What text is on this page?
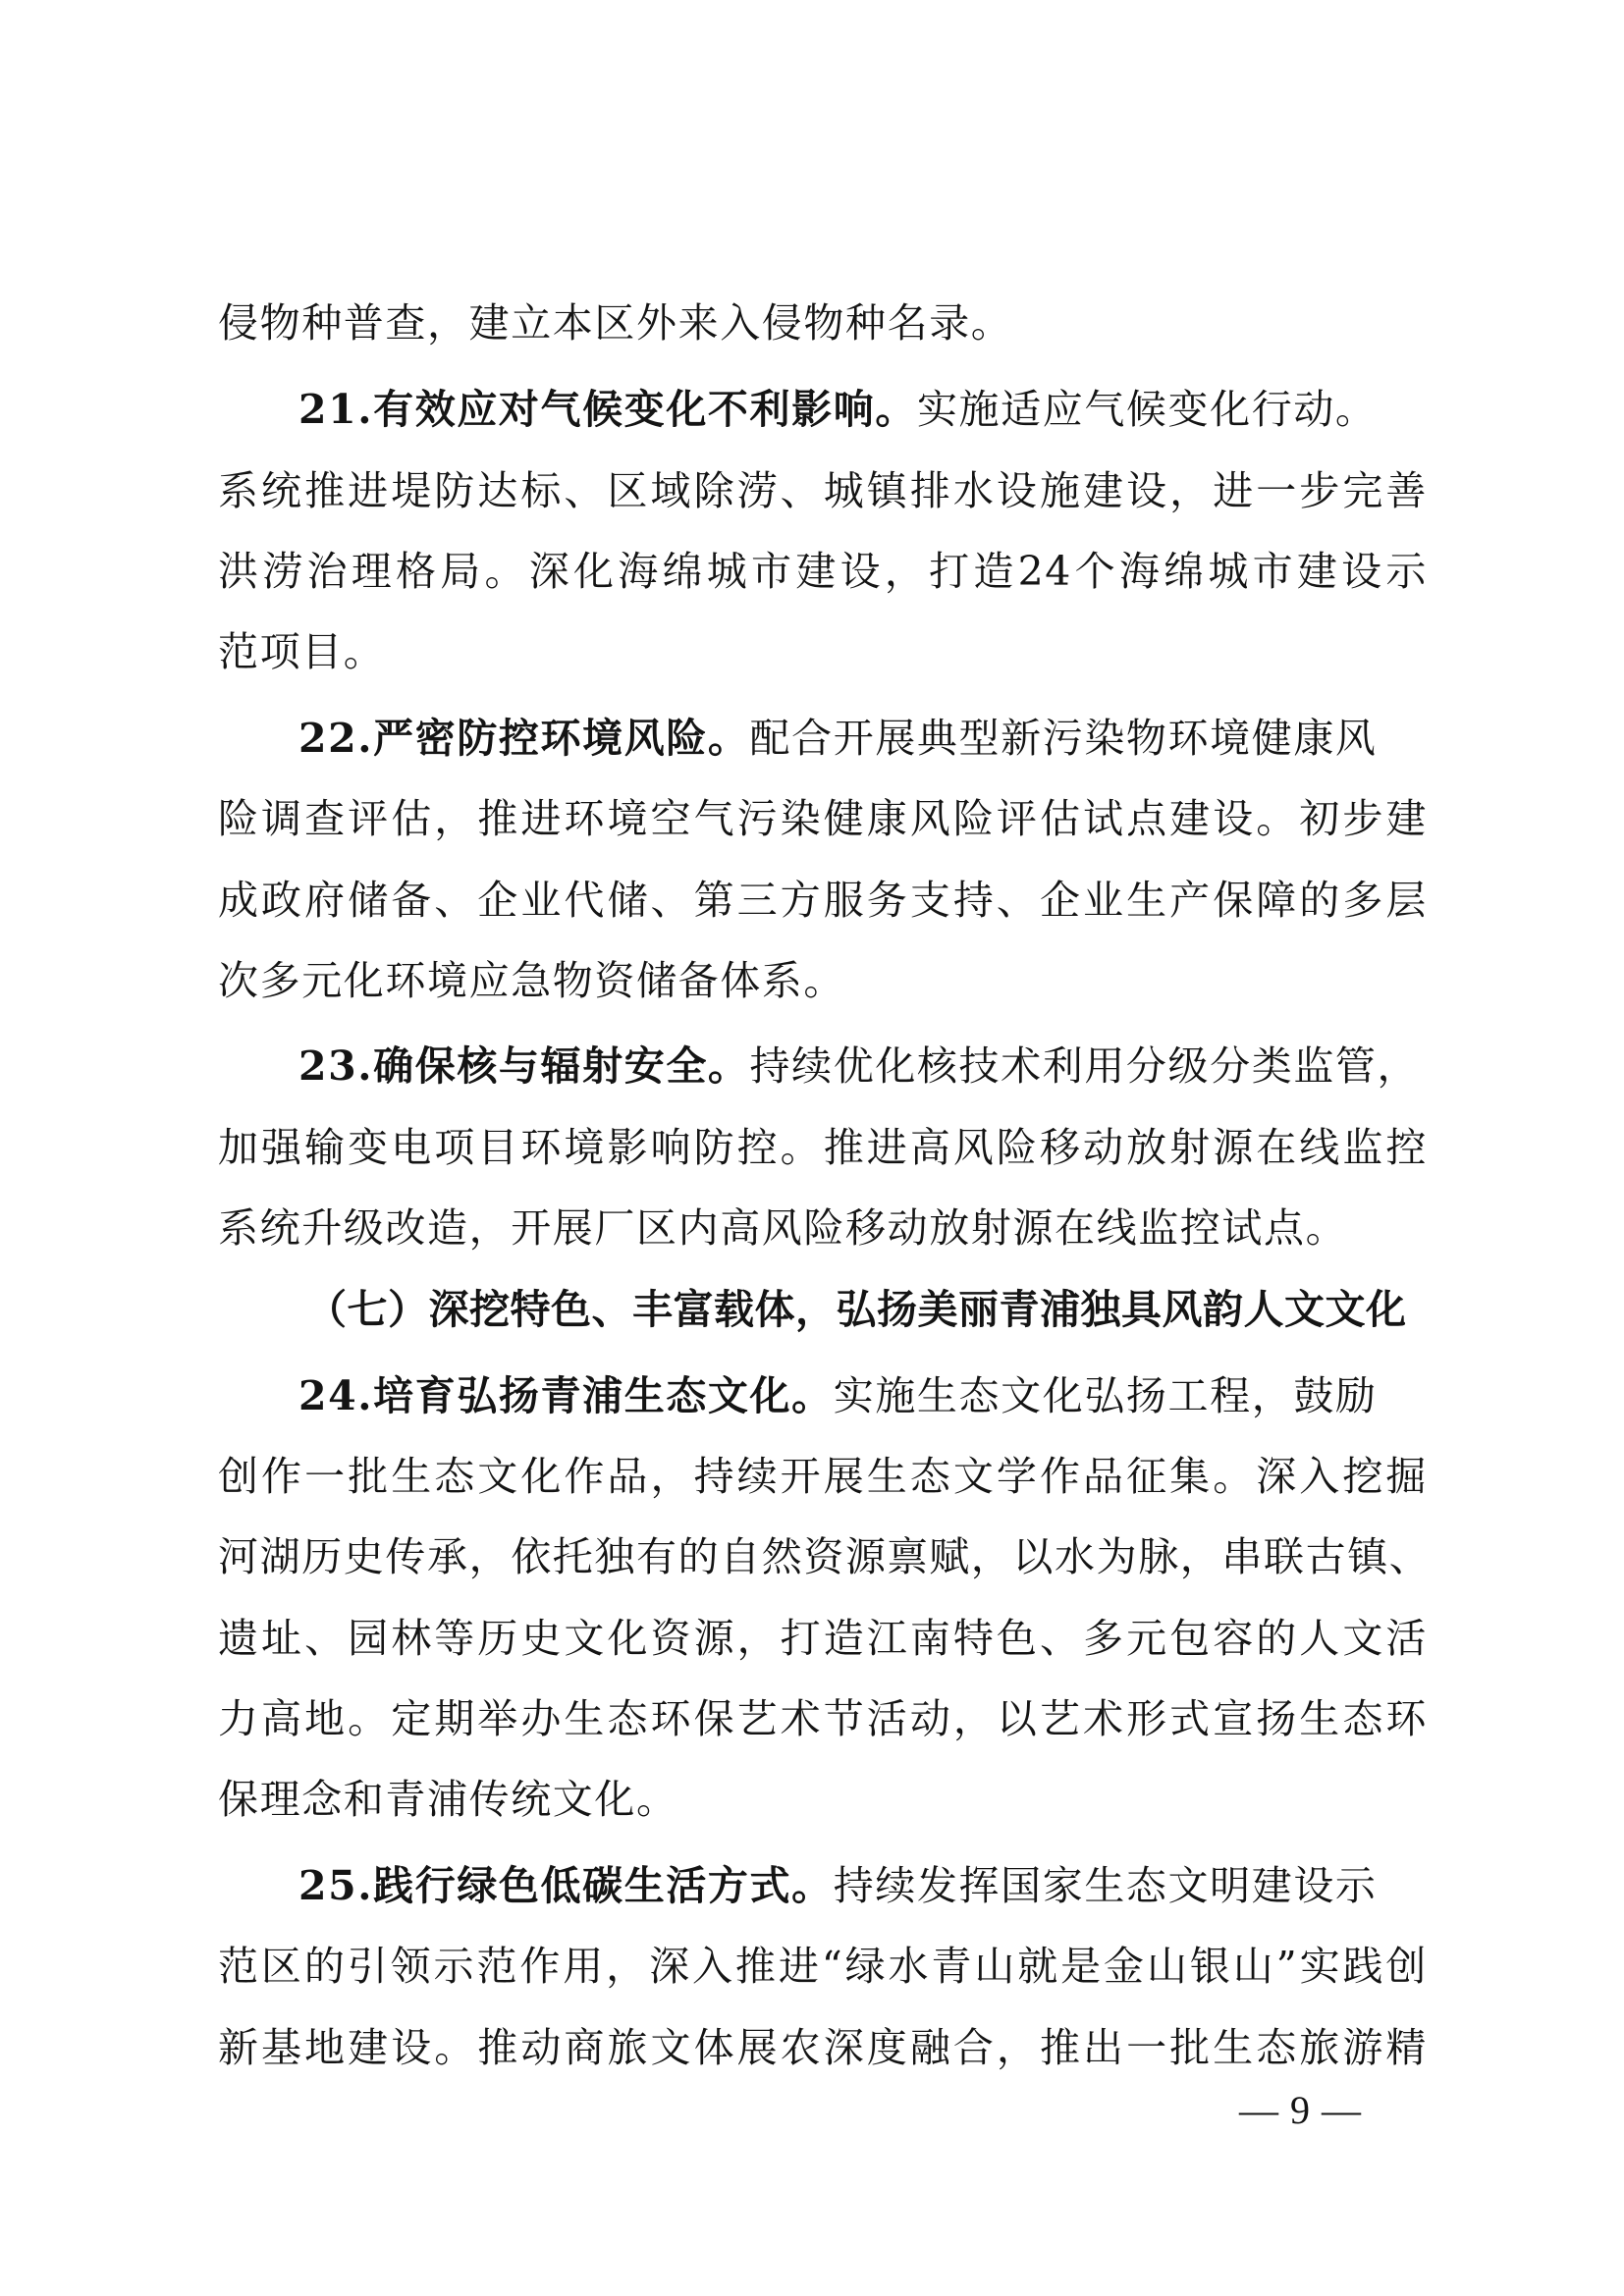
侵物种普查，建立本区外来入侵物种名录。
21.有效应对气候变化不利影响。实施适应气候变化行动。
系统推进堤防达标、区域除涝、城镇排水设施建设，进一步完善
洪涝治理格局。深化海绵城市建设，打造24个海绵城市建设示
范项目。
22.严密防控环境风险。配合开展典型新污染物环境健康风
险调查评估，推进环境空气污染健康风险评估试点建设。初步建
成政府储备、企业代储、第三方服务支持、企业生产保障的多层
次多元化环境应急物资储备体系。
23.确保核与辐射安全。持续优化核技术利用分级分类监管，
加强输变电项目环境影响防控。推进高风险移动放射源在线监控
系统升级改造，开展厂区内高风险移动放射源在线监控试点。
（七）深挖特色、丰富载体，弘扬美丽青浦独具风韵人文文化
24.培育弘扬青浦生态文化。实施生态文化弘扬工程，鼓励
创作一批生态文化作品，持续开展生态文学作品征集。深入挖掘
河湖历史传承，依托独有的自然资源禀赋，以水为脉，串联古镇、
遗址、园林等历史文化资源，打造江南特色、多元包容的人文活
力高地。定期举办生态环保艺术节活动，以艺术形式宣扬生态环
保理念和青浦传统文化。
25.践行绿色低碳生活方式。持续发挥国家生态文明建设示
范区的引领示范作用，深入推进“绿水青山就是金山银山”实践创
新基地建设。推动商旅文体展农深度融合，推出一批生态旅游精
— 9 —
